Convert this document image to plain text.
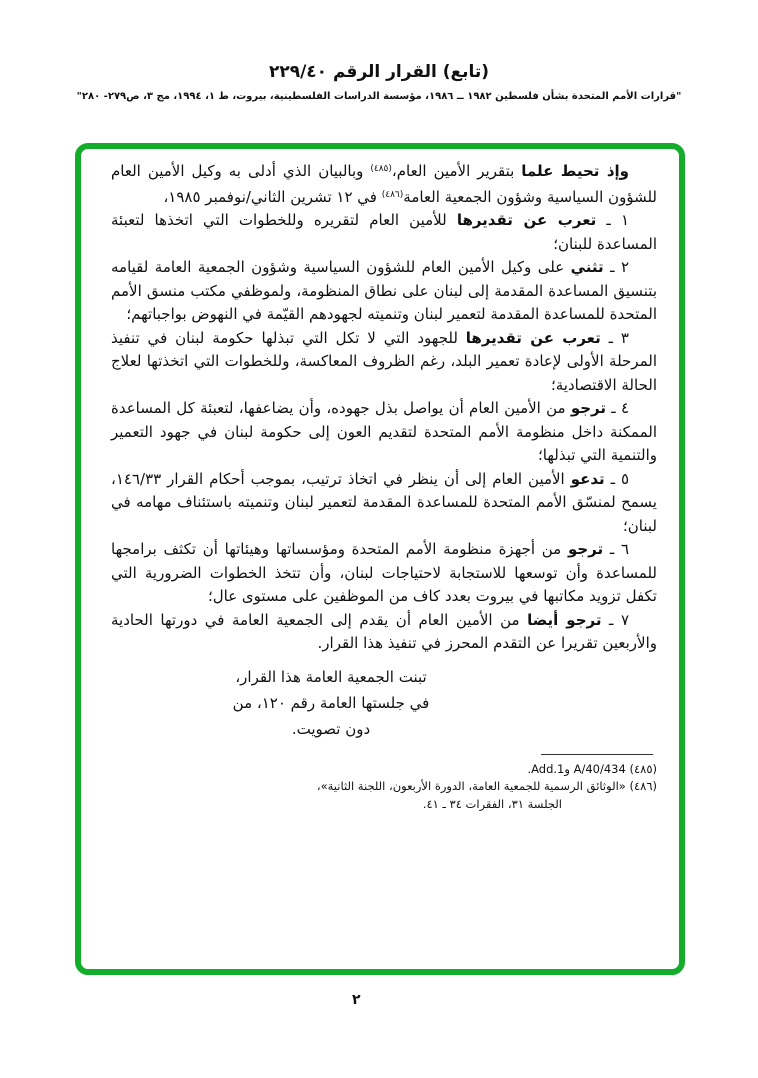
(تابع) القرار الرقم ٢٢٩/٤٠
"قرارات الأمم المتحدة بشأن فلسطين ١٩٨٢ ــ ١٩٨٦، مؤسسة الدراسات الفلسطينية، بيروت، ط ١، ١٩٩٤، مج ٣، ص٢٧٩- ٢٨٠"

وإذ تحيط علما بتقرير الأمين العام،$^{(٤٨٥)}$ وبالبيان الذي أدلى به وكيل الأمين العام للشؤون السياسية وشؤون الجمعية العامة$^{(٤٨٦)}$ في ١٢ تشرين الثاني/نوفمبر ١٩٨٥،

١ ـ تعرب عن تقديرها للأمين العام لتقريره وللخطوات التي اتخذها لتعبئة المساعدة للبنان؛

٢ ـ تثني على وكيل الأمين العام للشؤون السياسية وشؤون الجمعية العامة لقيامه بتنسيق المساعدة المقدمة إلى لبنان على نطاق المنظومة، ولموظفي مكتب منسق الأمم المتحدة للمساعدة المقدمة لتعمير لبنان وتنميته لجهودهم القيّمة في النهوض بواجباتهم؛

٣ ـ تعرب عن تقديرها للجهود التي لا تكل التي تبذلها حكومة لبنان في تنفيذ المرحلة الأولى لإعادة تعمير البلد، رغم الظروف المعاكسة، وللخطوات التي اتخذتها لعلاج الحالة الاقتصادية؛

٤ ـ ترجو من الأمين العام أن يواصل بذل جهوده، وأن يضاعفها، لتعبئة كل المساعدة الممكنة داخل منظومة الأمم المتحدة لتقديم العون إلى حكومة لبنان في جهود التعمير والتنمية التي تبذلها؛

٥ ـ تدعو الأمين العام إلى أن ينظر في اتخاذ ترتيب، بموجب أحكام القرار ١٤٦/٣٣، يسمح لمنسّق الأمم المتحدة للمساعدة المقدمة لتعمير لبنان وتنميته باستئناف مهامه في لبنان؛

٦ ـ ترجو من أجهزة منظومة الأمم المتحدة ومؤسساتها وهيئاتها أن تكثف برامجها للمساعدة وأن توسعها للاستجابة لاحتياجات لبنان، وأن تتخذ الخطوات الضرورية التي تكفل تزويد مكاتبها في بيروت بعدد كاف من الموظفين على مستوى عال؛

٧ ـ ترجو أيضا من الأمين العام أن يقدم إلى الجمعية العامة في دورتها الحادية والأربعين تقريرا عن التقدم المحرز في تنفيذ هذا القرار.

تبنت الجمعية العامة هذا القرار،
في جلستها العامة رقم ١٢٠، من
دون تصويت.

(٤٨٥) A/40/434 وAdd.1.

(٤٨٦) «الوثائق الرسمية للجمعية العامة، الدورة الأربعون، اللجنة الثانية»،

الجلسة ٣١، الفقرات ٣٤ ـ ٤١.

٢
